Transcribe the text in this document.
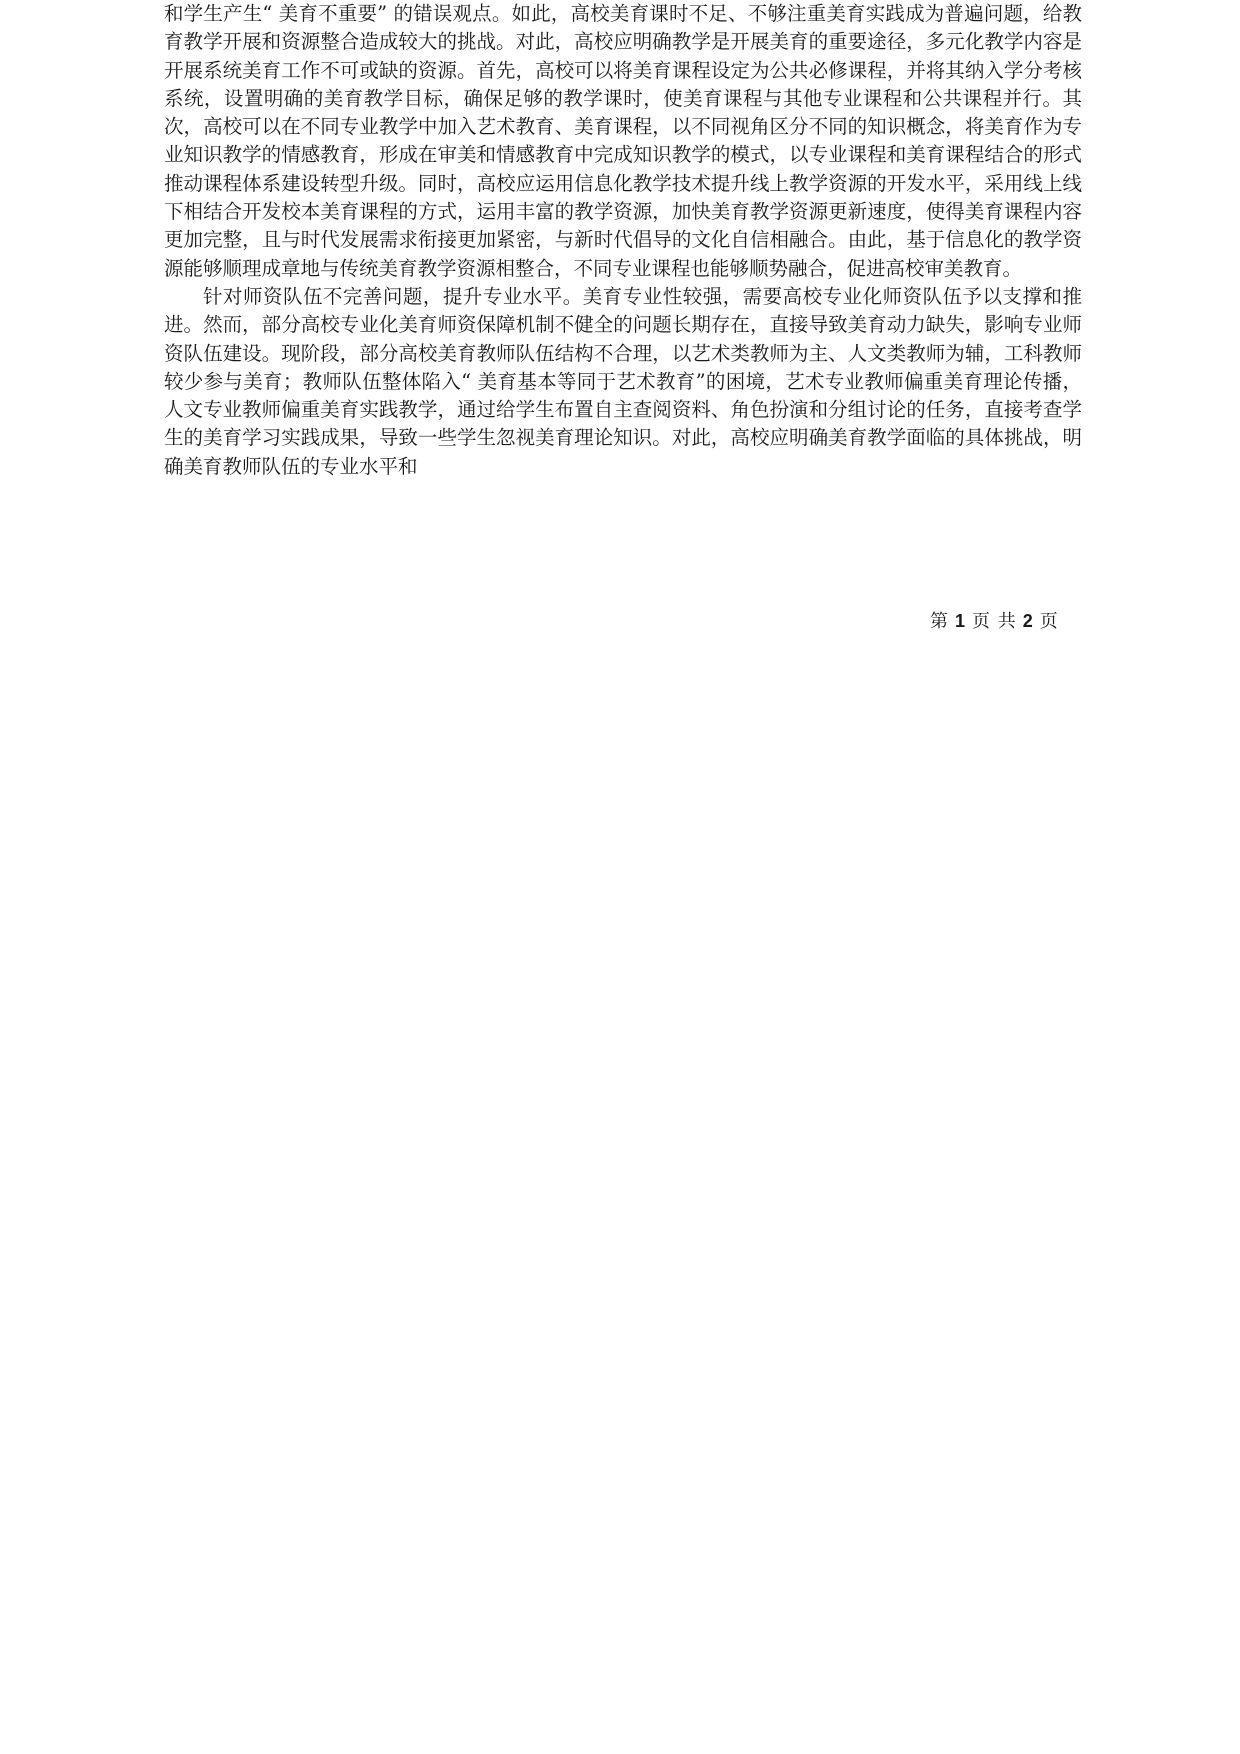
和学生产生“ 美育不重要” 的错误观点。如此，高校美育课时不足、不够注重美育实践成为普遍问题，给教育教学开展和资源整合造成较大的挑战。对此，高校应明确教学是开展美育的重要途径，多元化教学内容是开展系统美育工作不可或缺的资源。首先，高校可以将美育课程设定为公共必修课程，并将其纳入学分考核系统，设置明确的美育教学目标，确保足够的教学课时，使美育课程与其他专业课程和公共课程并行。其次，高校可以在不同专业教学中加入艺术教育、美育课程，以不同视角区分不同的知识概念，将美育作为专业知识教学的情感教育，形成在审美和情感教育中完成知识教学的模式，以专业课程和美育课程结合的形式推动课程体系建设转型升级。同时，高校应运用信息化教学技术提升线上教学资源的开发水平，采用线上线下相结合开发校本美育课程的方式，运用丰富的教学资源，加快美育教学资源更新速度，使得美育课程内容更加完整，且与时代发展需求衔接更加紧密，与新时代倡导的文化自信相融合。由此，基于信息化的教学资源能够顺理成章地与传统美育教学资源相整合，不同专业课程也能够顺势融合，促进高校审美教育。

针对师资队伍不完善问题，提升专业水平。美育专业性较强，需要高校专业化师资队伍予以支撑和推进。然而，部分高校专业化美育师资保障机制不健全的问题长期存在，直接导致美育动力缺失，影响专业师资队伍建设。现阶段，部分高校美育教师队伍结构不合理，以艺术类教师为主、人文类教师为辅，工科教师较少参与美育；教师队伍整体陷入“ 美育基本等同于艺术教育”的困境，艺术专业教师偏重美育理论传播，人文专业教师偏重美育实践教学，通过给学生布置自主查阅资料、角色扮演和分组讨论的任务，直接考查学生的美育学习实践成果，导致一些学生忽视美育理论知识。对此，高校应明确美育教学面临的具体挑战，明确美育教师队伍的专业水平和

第 1 页 共 2 页
